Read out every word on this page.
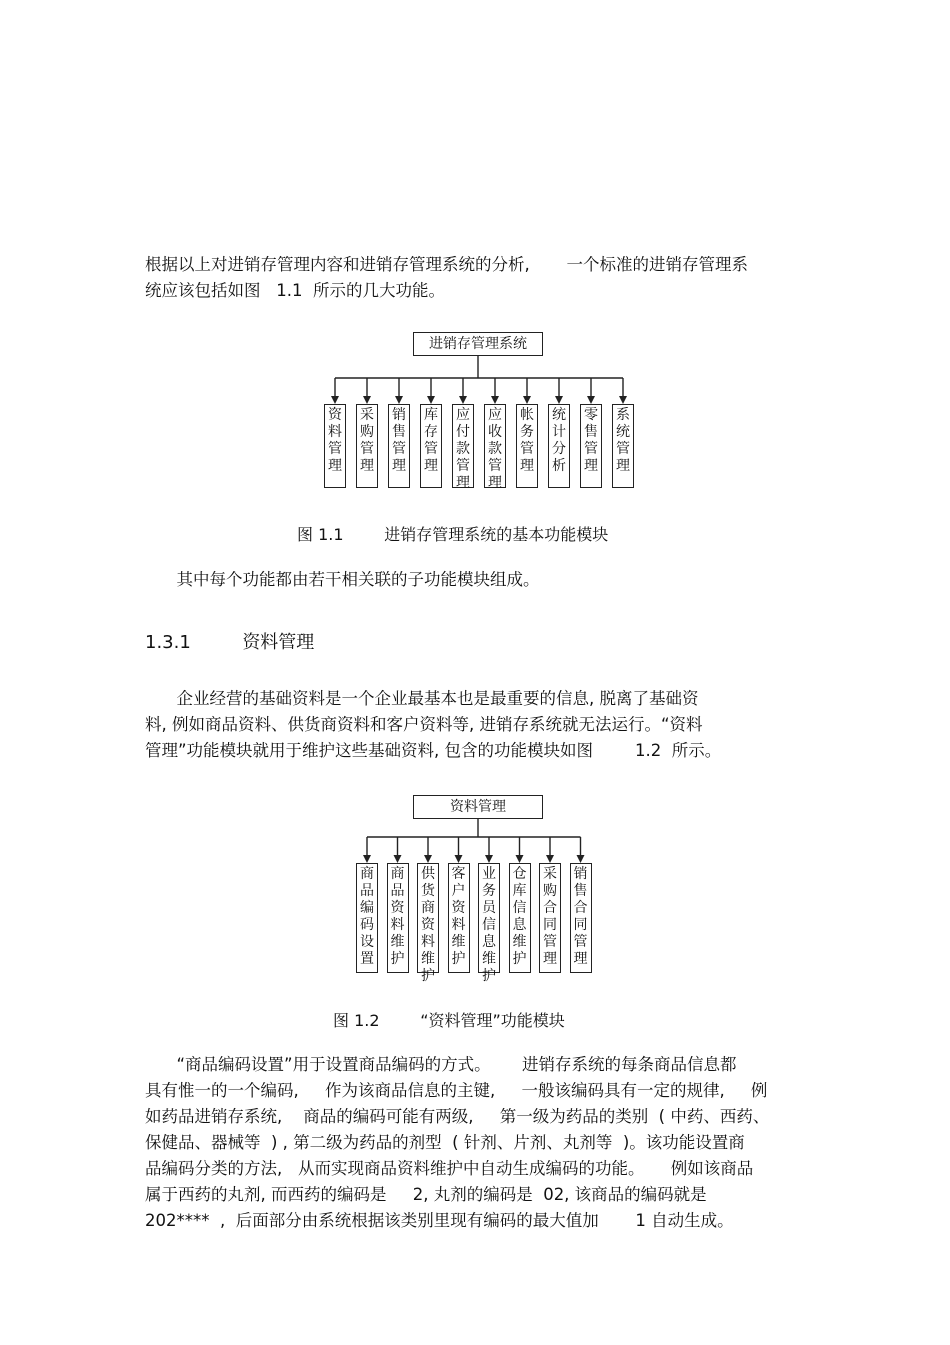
根据以上对进销存管理内容和进销存管理系统的分析,       一个标准的进销存管理系
统应该包括如图   1.1  所示的几大功能。
进销存管理系统
资
料
管
理
采
购
管
理
销
售
管
理
库
存
管
理
应
付
款
管
理
应
收
款
管
理
帐
务
管
理
统
计
分
析
零
售
管
理
系
统
管
理
图 1.1        进销存管理系统的基本功能模块
其中每个功能都由若干相关联的子功能模块组成。
1.3.1	资料管理
企业经营的基础资料是一个企业最基本也是最重要的信息, 脱离了基础资
料, 例如商品资料、供货商资料和客户资料等, 进销存系统就无法运行。“资料
管理”功能模块就用于维护这些基础资料, 包含的功能模块如图        1.2  所示。
资料管理
商
品
编
码
设
置
商
品
资
料
维
护
供
货
商
资
料
维
护
客
户
资
料
维
护
业
务
员
信
息
维
护
仓
库
信
息
维
护
采
购
合
同
管
理
销
售
合
同
管
理
图 1.2        “资料管理”功能模块
“商品编码设置”用于设置商品编码的方式。      进销存系统的每条商品信息都
具有惟一的一个编码,     作为该商品信息的主键,     一般该编码具有一定的规律,     例
如药品进销存系统,    商品的编码可能有两级,     第一级为药品的类别  ( 中药、西药、
保健品、器械等  ) , 第二级为药品的剂型  ( 针剂、片剂、丸剂等  )。该功能设置商
品编码分类的方法,   从而实现商品资料维护中自动生成编码的功能。     例如该商品
属于西药的丸剂, 而西药的编码是     2, 丸剂的编码是  02, 该商品的编码就是
202****  ,  后面部分由系统根据该类别里现有编码的最大值加       1 自动生成。
